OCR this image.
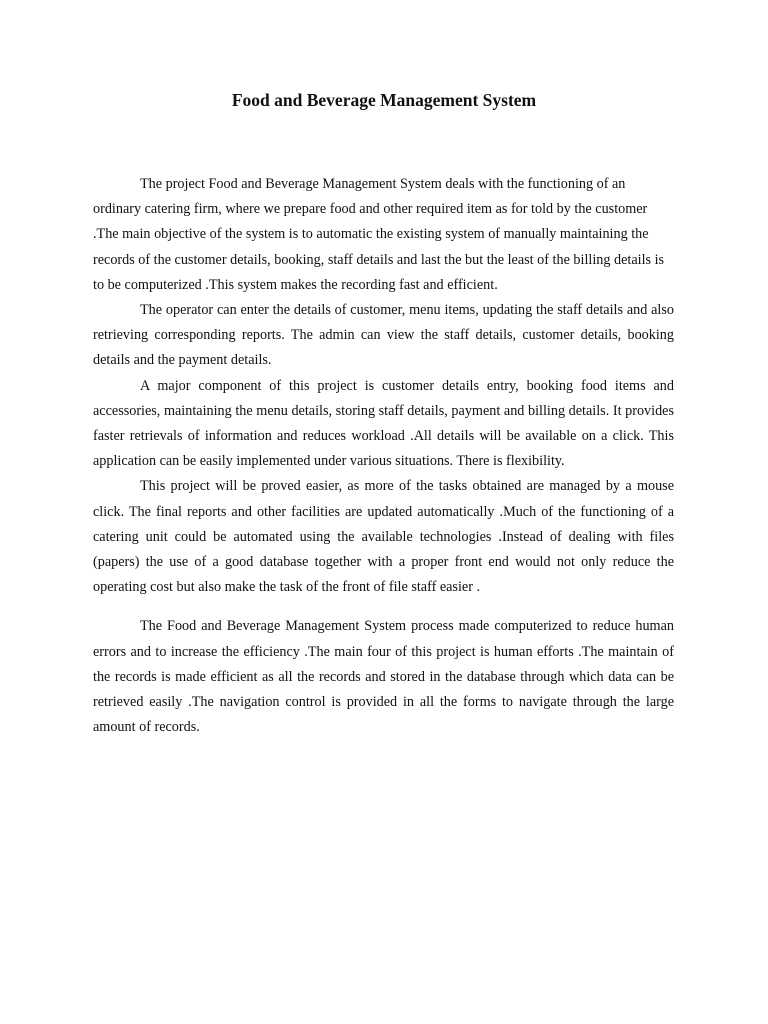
Food and Beverage Management System

The project Food and Beverage Management System deals with the functioning of an ordinary catering firm, where we prepare food and other required item as for told by the customer .The main objective of the system is to automatic the existing system of manually maintaining the records of the customer details, booking, staff details and last the but the least of the billing details is to be computerized .This system makes the recording fast and efficient.

The operator can enter the details of customer, menu items, updating the staff details and also retrieving corresponding reports. The admin can view the staff details, customer details, booking details and the payment details.

A major component of this project is customer details entry, booking food items and accessories, maintaining the menu details, storing staff details, payment and billing details. It provides faster retrievals of information and reduces workload .All details will be available on a click. This application can be easily implemented under various situations. There is flexibility.

This project will be proved easier, as more of the tasks obtained are managed by a mouse click. The final reports and other facilities are updated automatically .Much of the functioning of a catering unit could be automated using the available technologies .Instead of dealing with files (papers) the use of a good database together with a proper front end would not only reduce the operating cost but also make the task of the front of file staff easier .

The Food and Beverage Management System process made computerized to reduce human errors and to increase the efficiency .The main four of this project is human efforts .The maintain of the records is made efficient as all the records and stored in the database through which data can be retrieved easily .The navigation control is provided in all the forms to navigate through the large amount of records.
